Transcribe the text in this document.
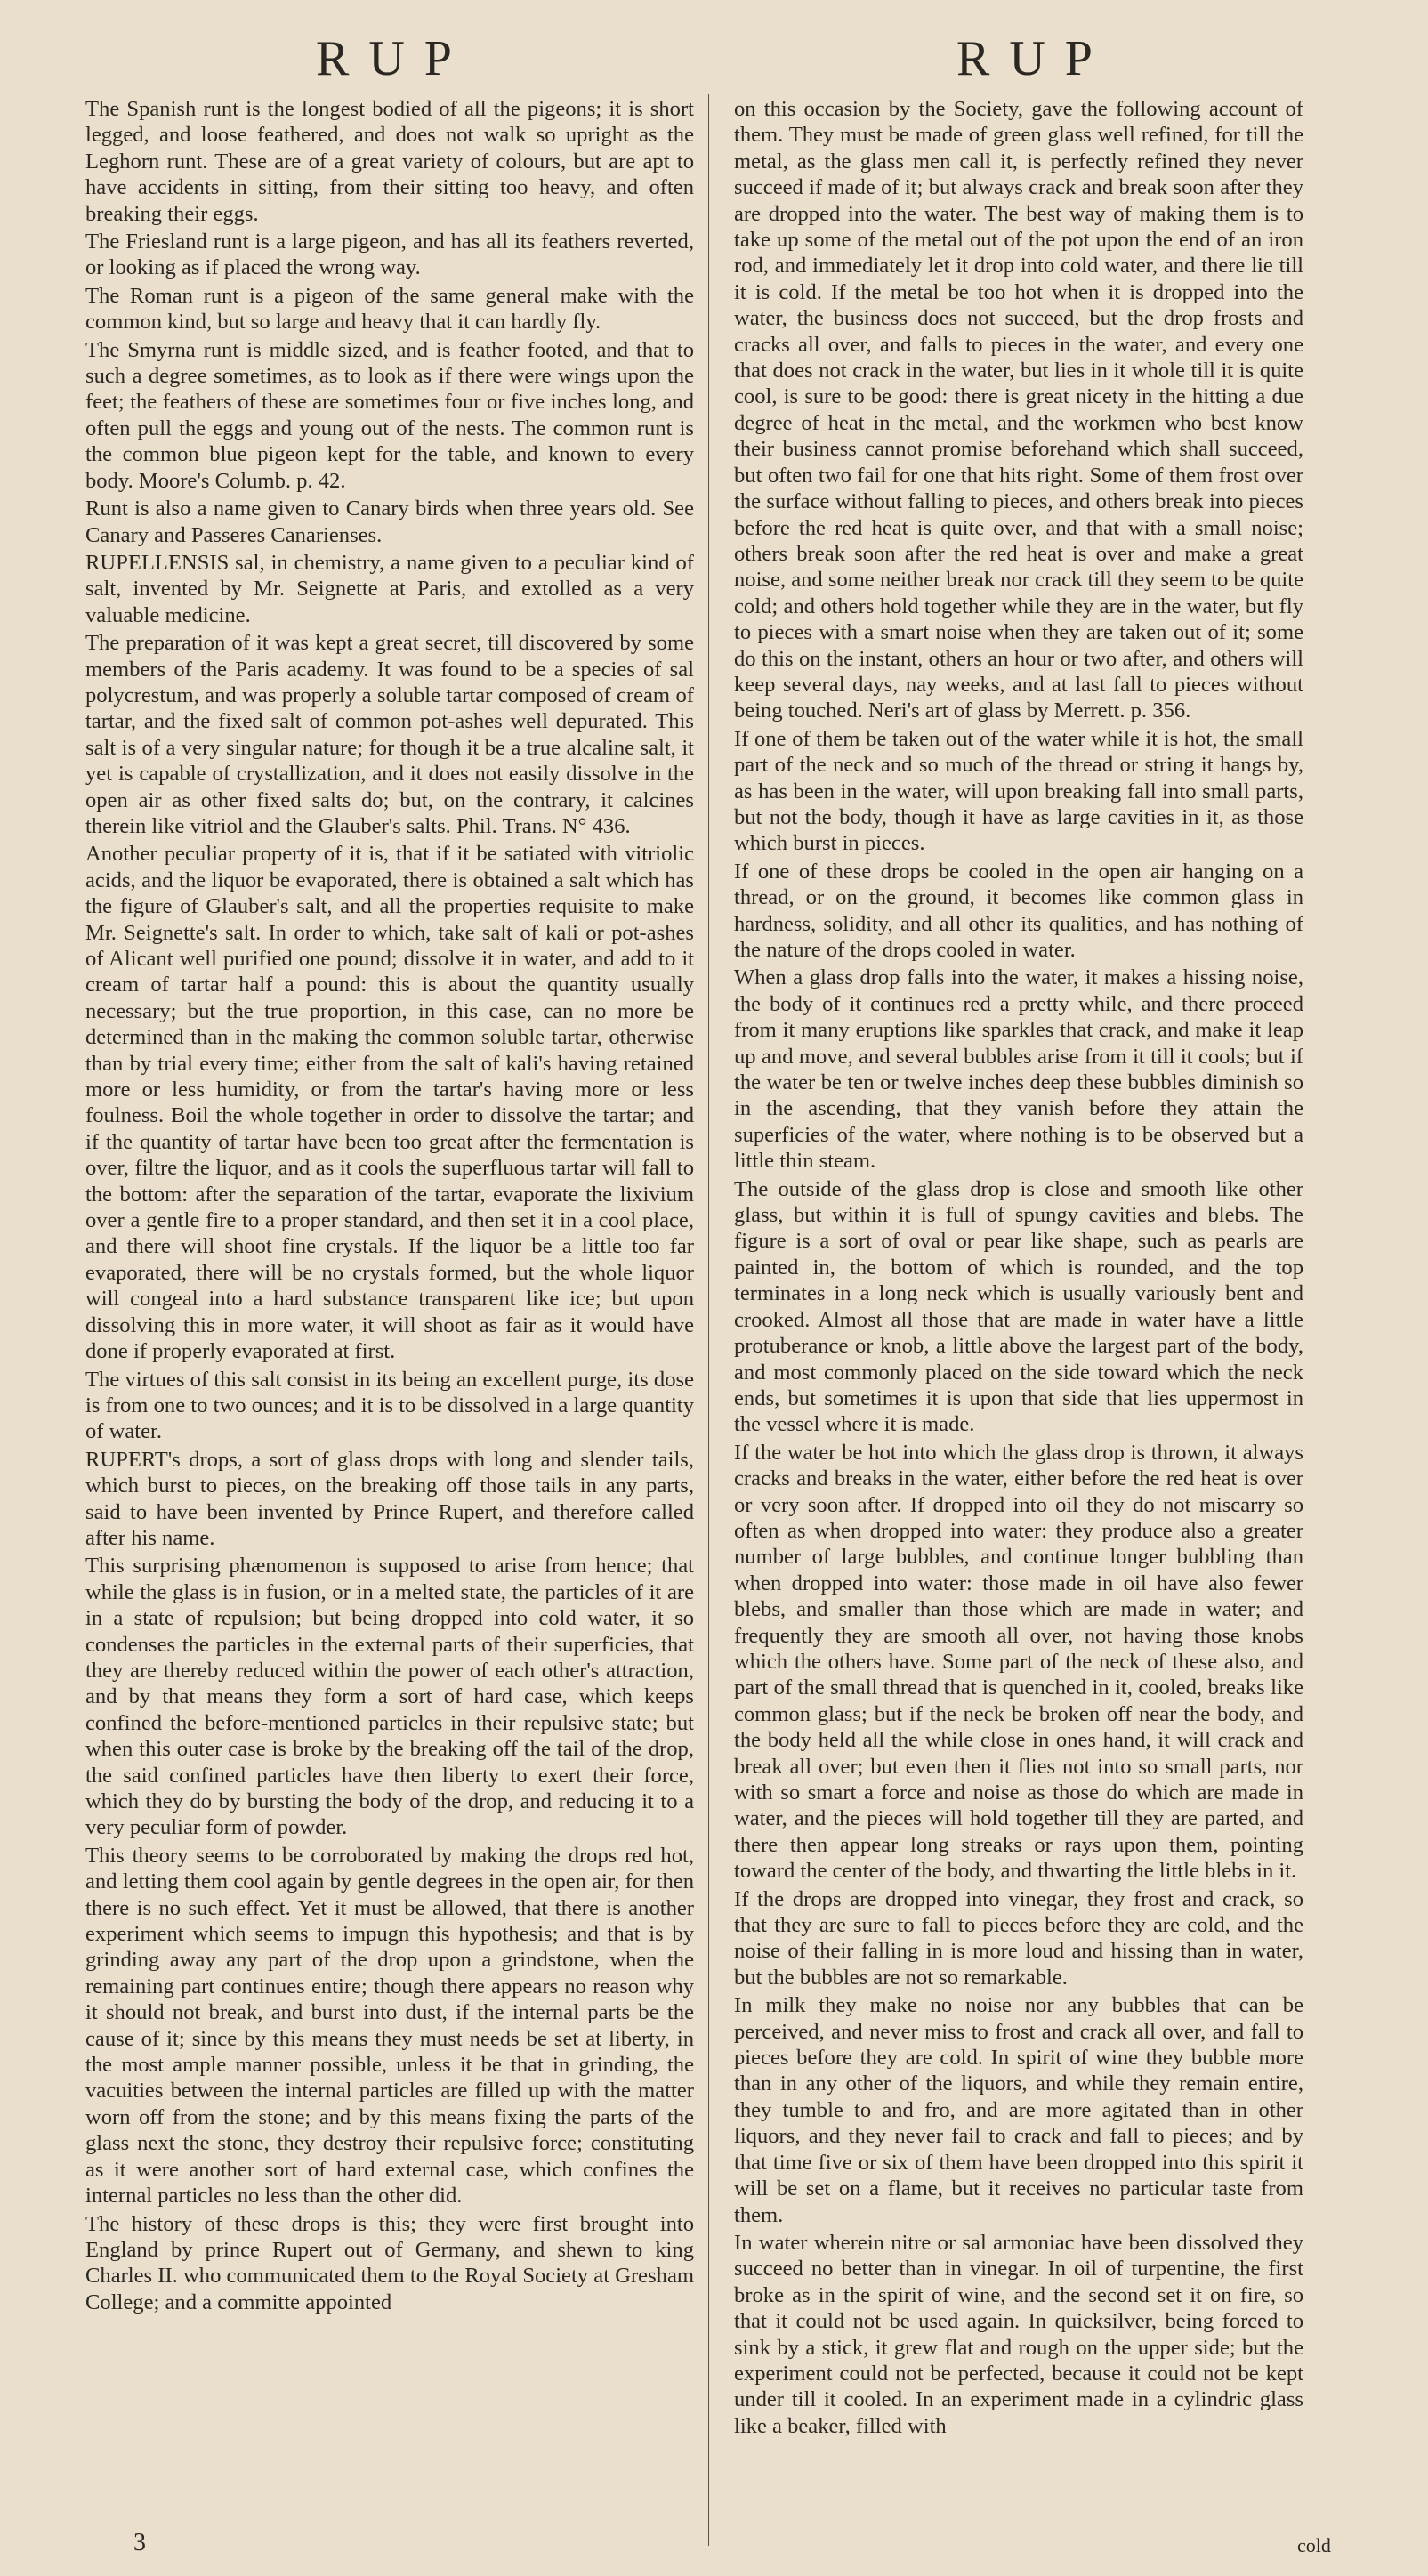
RUP	RUP

The Spanish runt is the longest bodied of all the pigeons; it is short legged, and loose feathered, and does not walk so upright as the Leghorn runt. These are of a great variety of colours, but are apt to have accidents in sitting, from their sitting too heavy, and often breaking their eggs.

The Friesland runt is a large pigeon, and has all its feathers reverted, or looking as if placed the wrong way.

The Roman runt is a pigeon of the same general make with the common kind, but so large and heavy that it can hardly fly.

The Smyrna runt is middle sized, and is feather footed, and that to such a degree sometimes, as to look as if there were wings upon the feet; the feathers of these are sometimes four or five inches long, and often pull the eggs and young out of the nests. The common runt is the common blue pigeon kept for the table, and known to every body. Moore's Columb. p. 42.

Runt is also a name given to Canary birds when three years old. See Canary and Passeres Canarienses.

RUPELLENSIS sal, in chemistry, a name given to a peculiar kind of salt, invented by Mr. Seignette at Paris, and extolled as a very valuable medicine.

The preparation of it was kept a great secret, till discovered by some members of the Paris academy. It was found to be a species of sal polycrestum, and was properly a soluble tartar composed of cream of tartar, and the fixed salt of common pot-ashes well depurated. This salt is of a very singular nature; for though it be a true alcaline salt, it yet is capable of crystallization, and it does not easily dissolve in the open air as other fixed salts do; but, on the contrary, it calcines therein like vitriol and the Glauber's salts. Phil. Trans. N° 436.

Another peculiar property of it is, that if it be satiated with vitriolic acids, and the liquor be evaporated, there is obtained a salt which has the figure of Glauber's salt, and all the properties requisite to make Mr. Seignette's salt. In order to which, take salt of kali or pot-ashes of Alicant well purified one pound; dissolve it in water, and add to it cream of tartar half a pound: this is about the quantity usually necessary; but the true proportion, in this case, can no more be determined than in the making the common soluble tartar, otherwise than by trial every time; either from the salt of kali's having retained more or less humidity, or from the tartar's having more or less foulness. Boil the whole together in order to dissolve the tartar; and if the quantity of tartar have been too great after the fermentation is over, filtre the liquor, and as it cools the superfluous tartar will fall to the bottom: after the separation of the tartar, evaporate the lixivium over a gentle fire to a proper standard, and then set it in a cool place, and there will shoot fine crystals. If the liquor be a little too far evaporated, there will be no crystals formed, but the whole liquor will congeal into a hard substance transparent like ice; but upon dissolving this in more water, it will shoot as fair as it would have done if properly evaporated at first.

The virtues of this salt consist in its being an excellent purge, its dose is from one to two ounces; and it is to be dissolved in a large quantity of water.

RUPERT's drops, a sort of glass drops with long and slender tails, which burst to pieces, on the breaking off those tails in any parts, said to have been invented by Prince Rupert, and therefore called after his name.

This surprising phænomenon is supposed to arise from hence; that while the glass is in fusion, or in a melted state, the particles of it are in a state of repulsion; but being dropped into cold water, it so condenses the particles in the external parts of their superficies, that they are thereby reduced within the power of each other's attraction, and by that means they form a sort of hard case, which keeps confined the before-mentioned particles in their repulsive state; but when this outer case is broke by the breaking off the tail of the drop, the said confined particles have then liberty to exert their force, which they do by bursting the body of the drop, and reducing it to a very peculiar form of powder.

This theory seems to be corroborated by making the drops red hot, and letting them cool again by gentle degrees in the open air, for then there is no such effect. Yet it must be allowed, that there is another experiment which seems to impugn this hypothesis; and that is by grinding away any part of the drop upon a grindstone, when the remaining part continues entire; though there appears no reason why it should not break, and burst into dust, if the internal parts be the cause of it; since by this means they must needs be set at liberty, in the most ample manner possible, unless it be that in grinding, the vacuities between the internal particles are filled up with the matter worn off from the stone; and by this means fixing the parts of the glass next the stone, they destroy their repulsive force; constituting as it were another sort of hard external case, which confines the internal particles no less than the other did.

The history of these drops is this; they were first brought into England by prince Rupert out of Germany, and shewn to king Charles II. who communicated them to the Royal Society at Gresham College; and a committe appointed

on this occasion by the Society, gave the following account of them. They must be made of green glass well refined, for till the metal, as the glass men call it, is perfectly refined they never succeed if made of it; but always crack and break soon after they are dropped into the water. The best way of making them is to take up some of the metal out of the pot upon the end of an iron rod, and immediately let it drop into cold water, and there lie till it is cold. If the metal be too hot when it is dropped into the water, the business does not succeed, but the drop frosts and cracks all over, and falls to pieces in the water, and every one that does not crack in the water, but lies in it whole till it is quite cool, is sure to be good: there is great nicety in the hitting a due degree of heat in the metal, and the workmen who best know their business cannot promise beforehand which shall succeed, but often two fail for one that hits right. Some of them frost over the surface without falling to pieces, and others break into pieces before the red heat is quite over, and that with a small noise; others break soon after the red heat is over and make a great noise, and some neither break nor crack till they seem to be quite cold; and others hold together while they are in the water, but fly to pieces with a smart noise when they are taken out of it; some do this on the instant, others an hour or two after, and others will keep several days, nay weeks, and at last fall to pieces without being touched. Neri's art of glass by Merrett. p. 356.

If one of them be taken out of the water while it is hot, the small part of the neck and so much of the thread or string it hangs by, as has been in the water, will upon breaking fall into small parts, but not the body, though it have as large cavities in it, as those which burst in pieces.

If one of these drops be cooled in the open air hanging on a thread, or on the ground, it becomes like common glass in hardness, solidity, and all other its qualities, and has nothing of the nature of the drops cooled in water.

When a glass drop falls into the water, it makes a hissing noise, the body of it continues red a pretty while, and there proceed from it many eruptions like sparkles that crack, and make it leap up and move, and several bubbles arise from it till it cools; but if the water be ten or twelve inches deep these bubbles diminish so in the ascending, that they vanish before they attain the superficies of the water, where nothing is to be observed but a little thin steam.

The outside of the glass drop is close and smooth like other glass, but within it is full of spungy cavities and blebs. The figure is a sort of oval or pear like shape, such as pearls are painted in, the bottom of which is rounded, and the top terminates in a long neck which is usually variously bent and crooked. Almost all those that are made in water have a little protuberance or knob, a little above the largest part of the body, and most commonly placed on the side toward which the neck ends, but sometimes it is upon that side that lies uppermost in the vessel where it is made.

If the water be hot into which the glass drop is thrown, it always cracks and breaks in the water, either before the red heat is over or very soon after. If dropped into oil they do not miscarry so often as when dropped into water: they produce also a greater number of large bubbles, and continue longer bubbling than when dropped into water: those made in oil have also fewer blebs, and smaller than those which are made in water; and frequently they are smooth all over, not having those knobs which the others have. Some part of the neck of these also, and part of the small thread that is quenched in it, cooled, breaks like common glass; but if the neck be broken off near the body, and the body held all the while close in ones hand, it will crack and break all over; but even then it flies not into so small parts, nor with so smart a force and noise as those do which are made in water, and the pieces will hold together till they are parted, and there then appear long streaks or rays upon them, pointing toward the center of the body, and thwarting the little blebs in it.

If the drops are dropped into vinegar, they frost and crack, so that they are sure to fall to pieces before they are cold, and the noise of their falling in is more loud and hissing than in water, but the bubbles are not so remarkable.

In milk they make no noise nor any bubbles that can be perceived, and never miss to frost and crack all over, and fall to pieces before they are cold. In spirit of wine they bubble more than in any other of the liquors, and while they remain entire, they tumble to and fro, and are more agitated than in other liquors, and they never fail to crack and fall to pieces; and by that time five or six of them have been dropped into this spirit it will be set on a flame, but it receives no particular taste from them.

In water wherein nitre or sal armoniac have been dissolved they succeed no better than in vinegar. In oil of turpentine, the first broke as in the spirit of wine, and the second set it on fire, so that it could not be used again. In quicksilver, being forced to sink by a stick, it grew flat and rough on the upper side; but the experiment could not be perfected, because it could not be kept under till it cooled. In an experiment made in a cylindric glass like a beaker, filled with

3	cold
